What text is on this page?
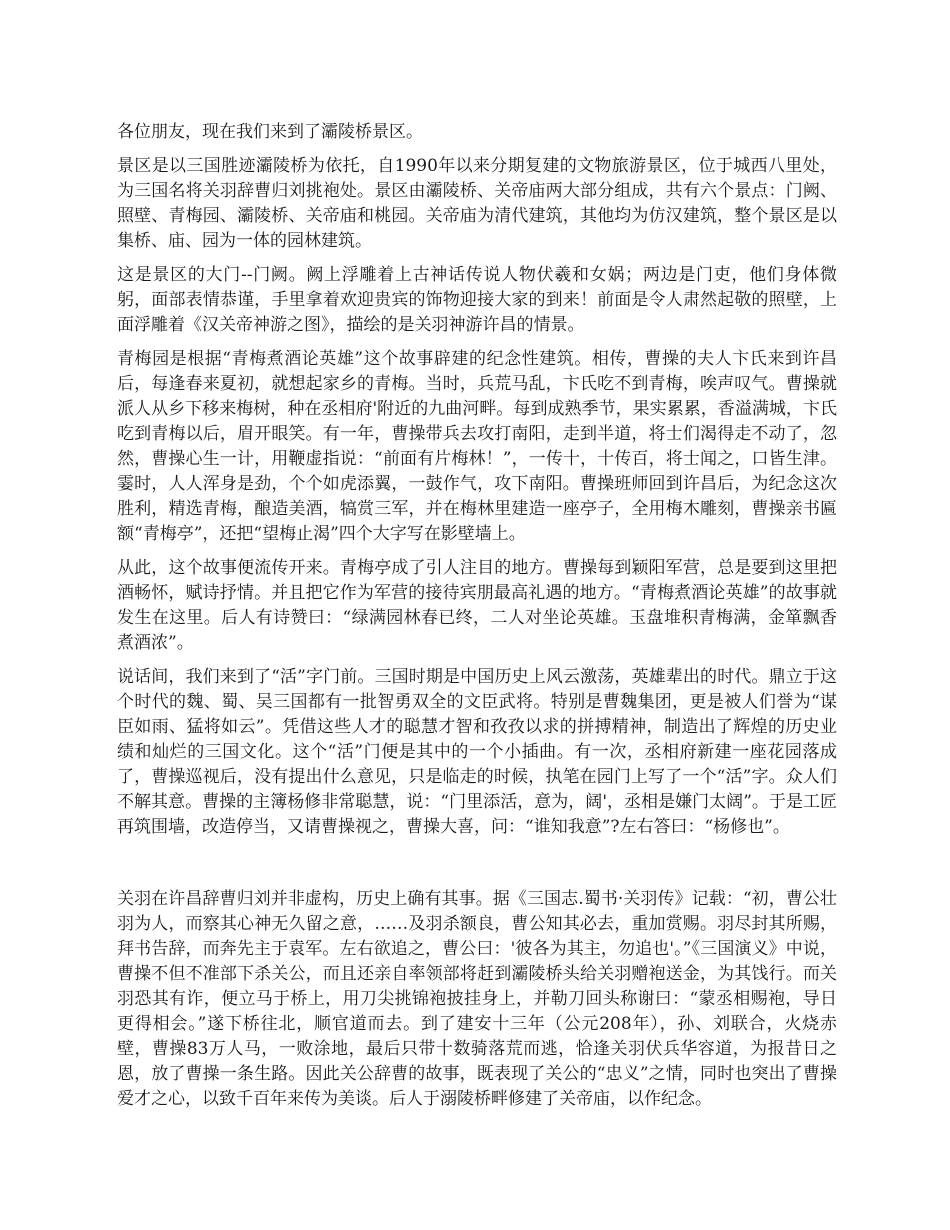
各位朋友，现在我们来到了灞陵桥景区。

景区是以三国胜迹灞陵桥为依托，自1990年以来分期复建的文物旅游景区，位于城西八里处，为三国名将关羽辞曹归刘挑袍处。景区由灞陵桥、关帝庙两大部分组成，共有六个景点：门阙、照壁、青梅园、灞陵桥、关帝庙和桃园。关帝庙为清代建筑，其他均为仿汉建筑，整个景区是以集桥、庙、园为一体的园林建筑。

这是景区的大门--门阙。阙上浮雕着上古神话传说人物伏羲和女娲；两边是门吏，他们身体微躬，面部表情恭谨，手里拿着欢迎贵宾的饰物迎接大家的到来！前面是令人肃然起敬的照壁，上面浮雕着《汉关帝神游之图》，描绘的是关羽神游许昌的情景。

青梅园是根据“青梅煮酒论英雄”这个故事辟建的纪念性建筑。相传，曹操的夫人卞氏来到许昌后，每逢春来夏初，就想起家乡的青梅。当时，兵荒马乱，卞氏吃不到青梅，唉声叹气。曹操就派人从乡下移来梅树，种在丞相府'附近的九曲河畔。每到成熟季节，果实累累，香溢满城，卞氏吃到青梅以后，眉开眼笑。有一年，曹操带兵去攻打南阳，走到半道，将士们渴得走不动了，忽然，曹操心生一计，用鞭虚指说：“前面有片梅林！”，一传十，十传百，将士闻之，口皆生津。霎时，人人浑身是劲，个个如虎添翼，一鼓作气，攻下南阳。曹操班师回到许昌后，为纪念这次胜利，精选青梅，酿造美酒，犒赏三军，并在梅林里建造一座亭子，全用梅木雕刻，曹操亲书匾额“青梅亭”，还把“望梅止渴”四个大字写在影壁墙上。

从此，这个故事便流传开来。青梅亭成了引人注目的地方。曹操每到颖阳军营，总是要到这里把酒畅怀，赋诗抒情。并且把它作为军营的接待宾朋最高礼遇的地方。“青梅煮酒论英雄”的故事就发生在这里。后人有诗赞曰：“绿满园林春已终，二人对坐论英雄。玉盘堆积青梅满，金箪飘香煮酒浓”。

说话间，我们来到了“活”字门前。三国时期是中国历史上风云激荡，英雄辈出的时代。鼎立于这个时代的魏、蜀、吴三国都有一批智勇双全的文臣武将。特别是曹魏集团，更是被人们誉为“谋臣如雨、猛将如云”。凭借这些人才的聪慧才智和孜孜以求的拼搏精神，制造出了辉煌的历史业绩和灿烂的三国文化。这个“活”门便是其中的一个小插曲。有一次，丞相府新建一座花园落成了，曹操巡视后，没有提出什么意见，只是临走的时候，执笔在园门上写了一个“活”字。众人们不解其意。曹操的主簿杨修非常聪慧，说：“门里添活，意为，阔'，丞相是嫌门太阔”。于是工匠再筑围墙，改造停当，又请曹操视之，曹操大喜，问：“谁知我意”?左右答曰：“杨修也”。

关羽在许昌辞曹归刘并非虚构，历史上确有其事。据《三国志.蜀书·关羽传》记载：“初，曹公壮羽为人，而察其心神无久留之意，……及羽杀额良，曹公知其必去，重加赏赐。羽尽封其所赐，拜书告辞，而奔先主于袁军。左右欲追之，曹公曰：'彼各为其主，勿追也'。”《三国演义》中说，曹操不但不准部下杀关公，而且还亲自率领部将赶到灞陵桥头给关羽赠袍送金，为其饯行。而关羽恐其有诈，便立马于桥上，用刀尖挑锦袍披挂身上，并勒刀回头称谢曰：“蒙丞相赐袍，导日更得相会。”遂下桥往北，顺官道而去。到了建安十三年（公元208年），孙、刘联合，火烧赤壁，曹操83万人马，一败涂地，最后只带十数骑落荒而逃，恰逢关羽伏兵华容道，为报昔日之恩，放了曹操一条生路。因此关公辞曹的故事，既表现了关公的“忠义”之情，同时也突出了曹操爱才之心，以致千百年来传为美谈。后人于溺陵桥畔修建了关帝庙，以作纪念。
